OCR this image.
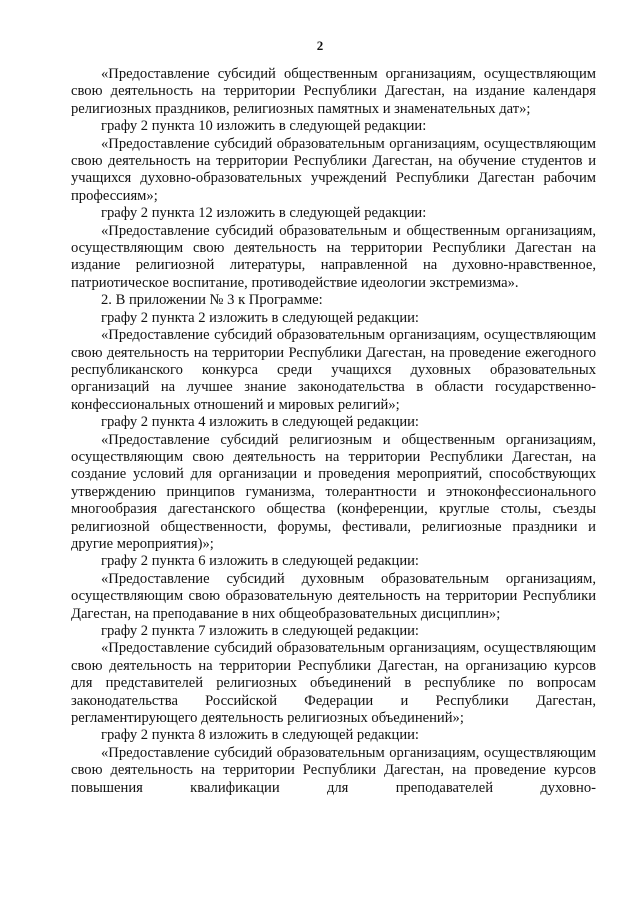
2

«Предоставление субсидий общественным организациям, осуществляющим свою деятельность на территории Республики Дагестан, на издание календаря религиозных праздников, религиозных памятных и знаменательных дат»;

графу 2 пункта 10 изложить в следующей редакции:

«Предоставление субсидий образовательным организациям, осуществляющим свою деятельность на территории Республики Дагестан, на обучение студентов и учащихся духовно-образовательных учреждений Республики Дагестан рабочим профессиям»;

графу 2 пункта 12 изложить в следующей редакции:

«Предоставление субсидий образовательным и общественным организациям, осуществляющим свою деятельность на территории Республики Дагестан на издание религиозной литературы, направленной на духовно-нравственное, патриотическое воспитание, противодействие идеологии экстремизма».

2. В приложении № 3 к Программе:

графу 2 пункта 2 изложить в следующей редакции:

«Предоставление субсидий образовательным организациям, осуществляющим свою деятельность на территории Республики Дагестан, на проведение ежегодного республиканского конкурса среди учащихся духовных образовательных организаций на лучшее знание законодательства в области государственно-конфессиональных отношений и мировых религий»;

графу 2 пункта 4 изложить в следующей редакции:

«Предоставление субсидий религиозным и общественным организациям, осуществляющим свою деятельность на территории Республики Дагестан, на создание условий для организации и проведения мероприятий, способствующих утверждению принципов гуманизма, толерантности и этноконфессионального многообразия дагестанского общества (конференции, круглые столы, съезды религиозной общественности, форумы, фестивали, религиозные праздники и другие мероприятия)»;

графу 2 пункта 6 изложить в следующей редакции:

«Предоставление субсидий духовным образовательным организациям, осуществляющим свою образовательную деятельность на территории Республики Дагестан, на преподавание в них общеобразовательных дисциплин»;

графу 2 пункта 7 изложить в следующей редакции:

«Предоставление субсидий образовательным организациям, осуществляющим свою деятельность на территории Республики Дагестан, на организацию курсов для представителей религиозных объединений в республике по вопросам законодательства Российской Федерации и Республики Дагестан, регламентирующего деятельность религиозных объединений»;

графу 2 пункта 8 изложить в следующей редакции:

«Предоставление субсидий образовательным организациям, осуществляющим свою деятельность на территории Республики Дагестан, на проведение курсов повышения квалификации для преподавателей духовно-
